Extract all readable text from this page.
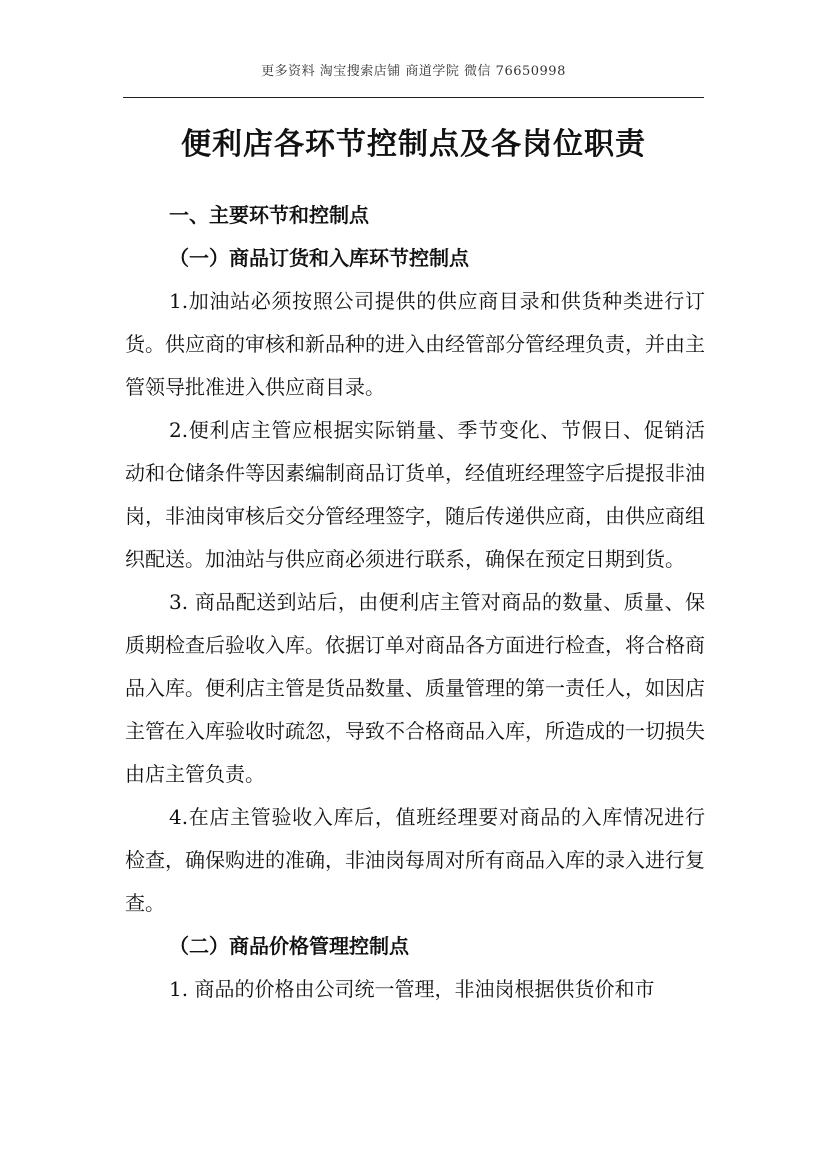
更多资料 淘宝搜索店铺 商道学院 微信 76650998
便利店各环节控制点及各岗位职责

一、主要环节和控制点

（一）商品订货和入库环节控制点

1.加油站必须按照公司提供的供应商目录和供货种类进行订货。供应商的审核和新品种的进入由经管部分管经理负责，并由主管领导批准进入供应商目录。

2.便利店主管应根据实际销量、季节变化、节假日、促销活动和仓储条件等因素编制商品订货单，经值班经理签字后提报非油岗，非油岗审核后交分管经理签字，随后传递供应商，由供应商组织配送。加油站与供应商必须进行联系，确保在预定日期到货。

3. 商品配送到站后，由便利店主管对商品的数量、质量、保质期检查后验收入库。依据订单对商品各方面进行检查，将合格商品入库。便利店主管是货品数量、质量管理的第一责任人，如因店主管在入库验收时疏忽，导致不合格商品入库，所造成的一切损失由店主管负责。

4.在店主管验收入库后，值班经理要对商品的入库情况进行检查，确保购进的准确，非油岗每周对所有商品入库的录入进行复查。

（二）商品价格管理控制点

1. 商品的价格由公司统一管理，非油岗根据供货价和市
